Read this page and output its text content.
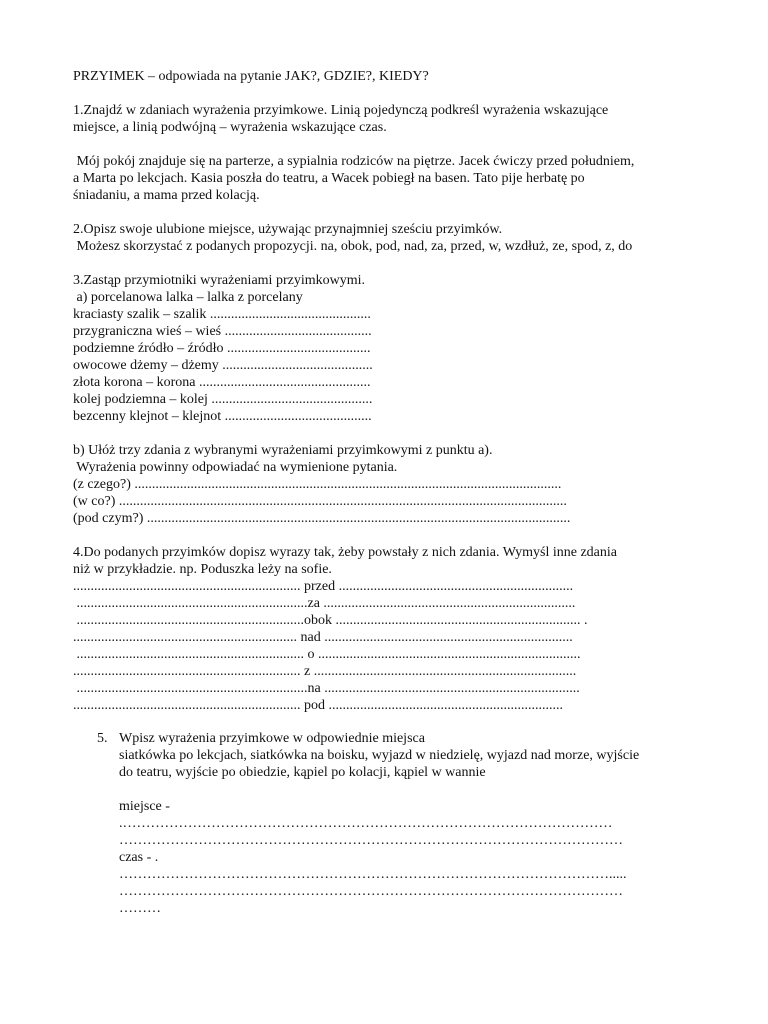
PRZYIMEK – odpowiada na pytanie JAK?, GDZIE?, KIEDY?
1.Znajdź w zdaniach wyrażenia przyimkowe. Linią pojedynczą podkreśl wyrażenia wskazujące
miejsce, a linią podwójną – wyrażenia wskazujące czas.
Mój pokój znajduje się na parterze, a sypialnia rodziców na piętrze. Jacek ćwiczy przed południem,
a Marta po lekcjach. Kasia poszła do teatru, a Wacek pobiegł na basen. Tato pije herbatę po
śniadaniu, a mama przed kolacją.
2.Opisz swoje ulubione miejsce, używając przynajmniej sześciu przyimków.
Możesz skorzystać z podanych propozycji. na, obok, pod, nad, za, przed, w, wzdłuż, ze, spod, z, do
3.Zastąp przymiotniki wyrażeniami przyimkowymi.
a) porcelanowa lalka – lalka z porcelany
kraciasty szalik – szalik ..............................................
przygraniczna wieś – wieś ..........................................
podziemne źródło – źródło .........................................
owocowe dżemy – dżemy ...........................................
złota korona – korona .................................................
kolej podziemna – kolej ..............................................
bezcenny klejnot – klejnot ..........................................
b) Ułóż trzy zdania z wybranymi wyrażeniami przyimkowymi z punktu a).
Wyrażenia powinny odpowiadać na wymienione pytania.
(z czego?) ..........................................................................................................................
(w co?) ................................................................................................................................
(pod czym?) .........................................................................................................................
4.Do podanych przyimków dopisz wyrazy tak, żeby powstały z nich zdania. Wymyśl inne zdania
niż w przykładzie. np. Poduszka leży na sofie.
................................................................. przed ...................................................................
..................................................................za ........................................................................
.................................................................obok ...................................................................... .
................................................................ nad .......................................................................
................................................................. o ...........................................................................
................................................................. z ...........................................................................
..................................................................na .........................................................................
................................................................. pod ...................................................................
5. Wpisz wyrażenia przyimkowe w odpowiednie miejsca
siatkówka po lekcjach, siatkówka na boisku, wyjazd w niedzielę, wyjazd nad morze, wyjście
do teatru, wyjście po obiedzie, kąpiel po kolacji, kąpiel w wannie
miejsce -
.……………………………………………………………………………………………
………………………………………………………………………………………………
czas - .
…………………………………………………………………………………………….....
………………………………………………………………………………………………
………
